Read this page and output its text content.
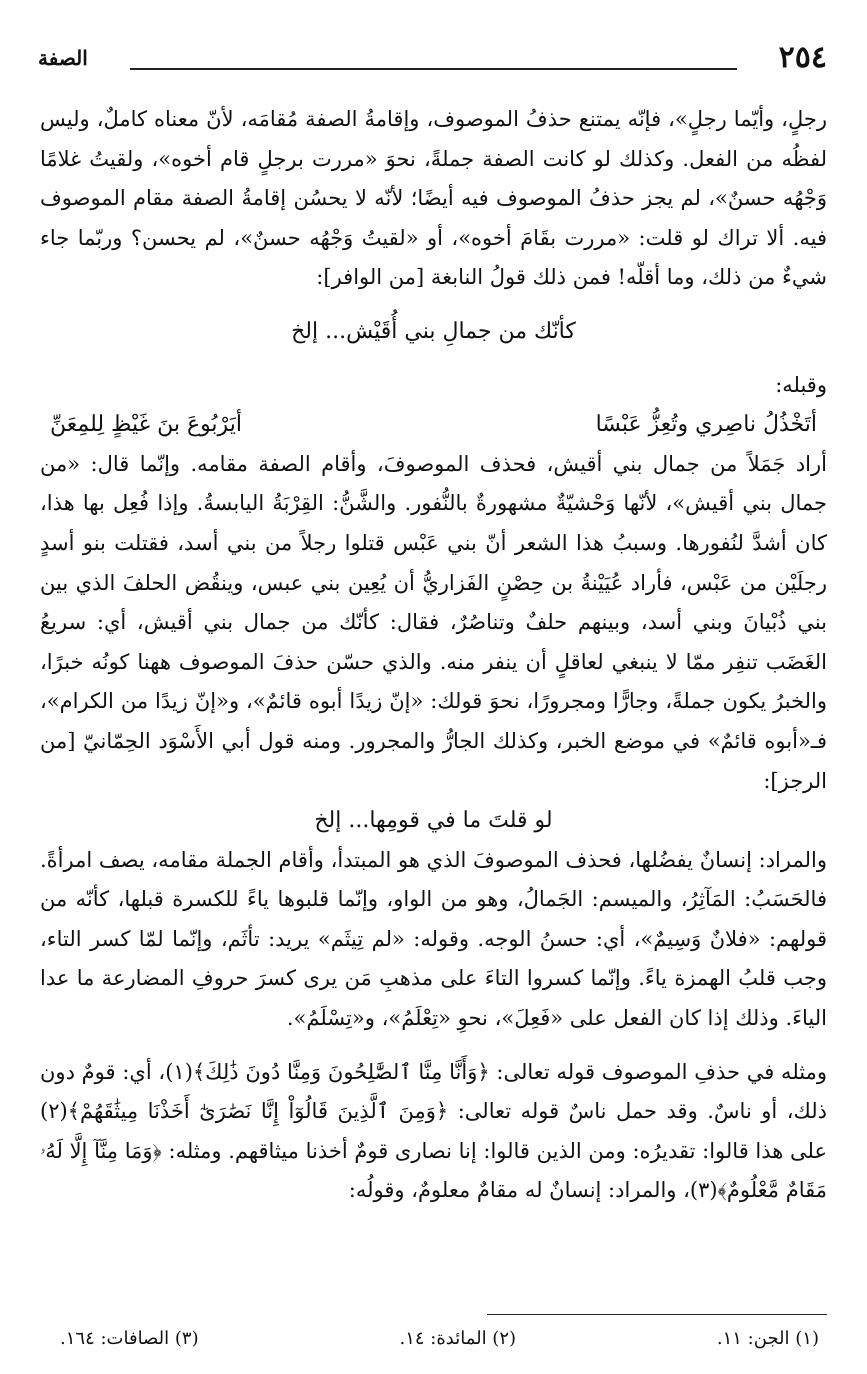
٢٥٤
الصفة

رجلٍ، وأيّما رجلٍ»، فإنّه يمتنع حذفُ الموصوف، وإقامةُ الصفة مُقامَه، لأنّ معناه كاملٌ، وليس لفظُه من الفعل. وكذلك لو كانت الصفة جملةً، نحوَ «مررت برجلٍ قام أخوه»، ولقيتُ غلامًا وَجْهُه حسنٌ»، لم يجز حذفُ الموصوف فيه أيضًا؛ لأنّه لا يحسُن إقامةُ الصفة مقام الموصوف فيه. ألا تراك لو قلت: «مررت بقَامَ أخوه»، أو «لقيتُ وَجْهُه حسنٌ»، لم يحسن؟ وربّما جاء شيءٌ من ذلك، وما أقلّه! فمن ذلك قولُ النابغة [من الوافر]:

كأنّك من جمالِ بني أُقَيْش... إلخ

وقبله:

أتَخْذُلُ ناصِري وتُعِزُّ عَبْسًا
أيَرْبُوعَ بنَ غَيْظٍ لِلمِعَنِّ

أراد جَمَلاً من جمال بني أقيش، فحذف الموصوفَ، وأقام الصفة مقامه. وإنّما قال: «من جمال بني أقيش»، لأنّها وَحْشيّةٌ مشهورةٌ بالنُّفور. والشَّنُّ: القِرْبَةُ اليابسةُ. وإذا فُعِل بها هذا، كان أشدَّ لنُفورها. وسببُ هذا الشعر أنّ بني عَبْس قتلوا رجلاً من بني أسد، فقتلت بنو أسدٍ رجلَيْن من عَبْس، فأراد عُيَيْنةُ بن حِصْنٍ الفَزاريُّ أن يُعِين بني عبس، وينقُض الحلفَ الذي بين بني ذُبْيانَ وبني أسد، وبينهم حلفٌ وتناصُرٌ، فقال: كأنّك من جمال بني أقيش، أي: سريعُ الغَضَب تنفِر ممّا لا ينبغي لعاقلٍ أن ينفر منه. والذي حسّن حذفَ الموصوف ههنا كونُه خبرًا، والخبرُ يكون جملةً، وجارًّا ومجرورًا، نحوَ قولك: «إنّ زيدًا أبوه قائمٌ»، و«إنّ زيدًا من الكرام»، فـ«أبوه قائمٌ» في موضع الخبر، وكذلك الجارُّ والمجرور. ومنه قول أبي الأَسْوَد الحِمّانيّ [من الرجز]:

لو قلتَ ما في قومِها... إلخ

والمراد: إنسانٌ يفضُلها، فحذف الموصوفَ الذي هو المبتدأ، وأقام الجملة مقامه، يصف امرأةً. فالحَسَبُ: المَآثِرُ، والميسم: الجَمالُ، وهو من الواو، وإنّما قلبوها ياءً للكسرة قبلها، كأنّه من قولهم: «فلانٌ وَسِيمٌ»، أي: حسنُ الوجه. وقوله: «لم تِيثَم» يريد: تأثَم، وإنّما لمّا كسر التاء، وجب قلبُ الهمزة ياءً. وإنّما كسروا التاءَ على مذهبِ مَن يرى كسرَ حروفِ المضارعة ما عدا الياءَ. وذلك إذا كان الفعل على «فَعِلَ»، نحوِ «تِعْلَمُ»، و«تِسْلَمُ».

ومثله في حذفِ الموصوف قوله تعالى: ﴿وَأَنَّا مِنَّا ٱلصَّٰلِحُونَ وَمِنَّا دُونَ ذَٰلِكَ﴾(١)، أي: قومٌ دون ذلك، أو ناسٌ. وقد حمل ناسٌ قوله تعالى: ﴿وَمِنَ ٱلَّذِينَ قَالُوٓاْ إِنَّا نَصَٰرَىٰٓ أَخَذْنَا مِيثَٰقَهُمْ﴾(٢) على هذا قالوا: تقديرُه: ومن الذين قالوا: إنا نصارى قومٌ أخذنا ميثاقهم. ومثله: ﴿وَمَا مِنَّآ إِلَّا لَهُۥ مَقَامٌ مَّعْلُومٌ﴾(٣)، والمراد: إنسانٌ له مقامٌ معلومٌ، وقولُه:

(١) الجن: ١١.
(٢) المائدة: ١٤.
(٣) الصافات: ١٦٤.
